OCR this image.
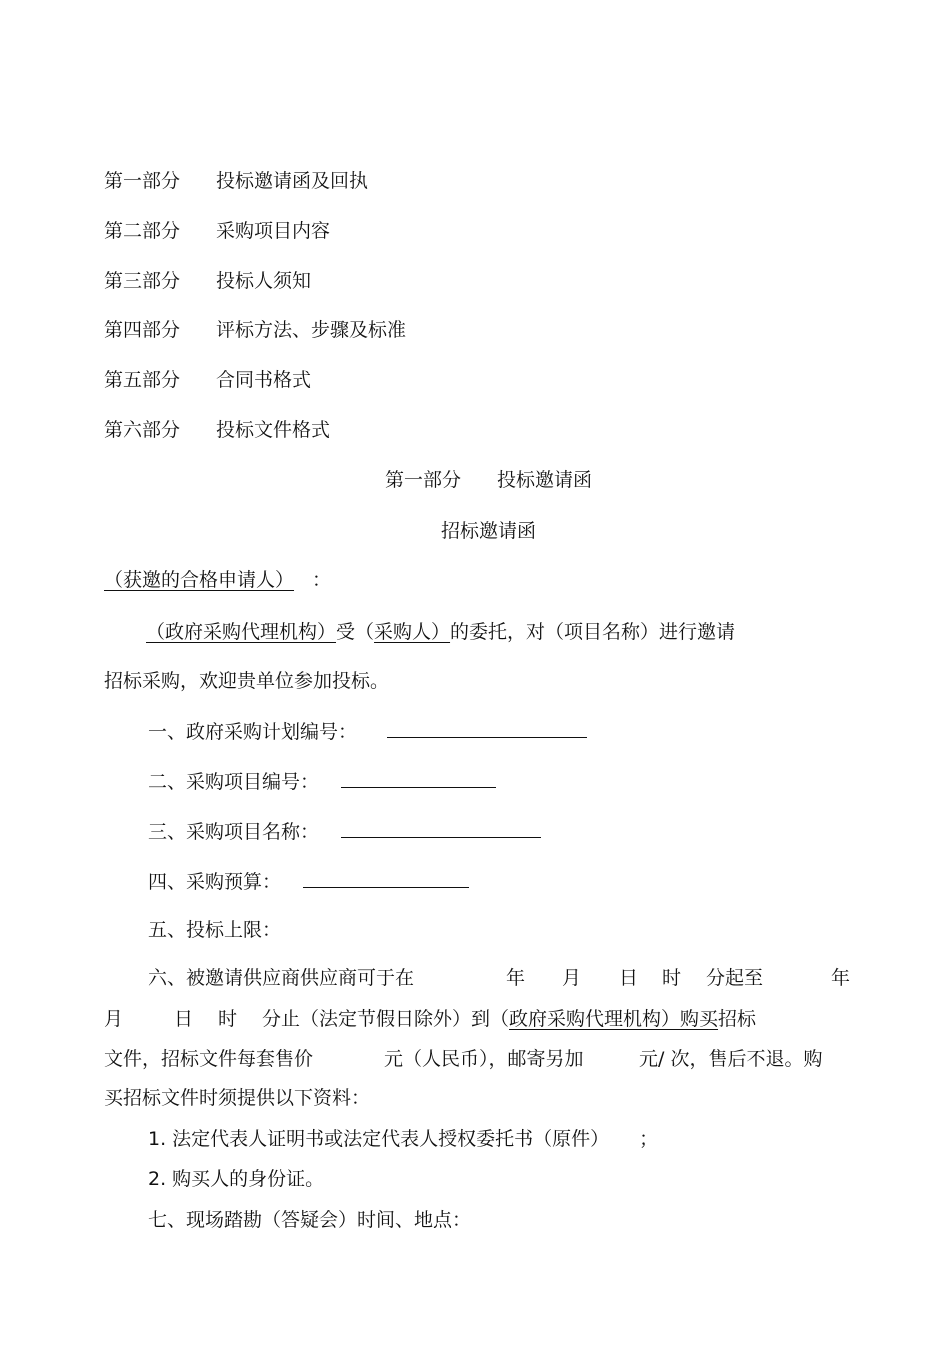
第一部分 投标邀请函及回执
第二部分 采购项目内容
第三部分 投标人须知
第四部分 评标方法、步骤及标准
第五部分 合同书格式
第六部分 投标文件格式
第一部分 投标邀请函
招标邀请函
（获邀的合格申请人） ：
（政府采购代理机构）受（采购人）的委托，对（项目名称）进行邀请
招标采购，欢迎贵单位参加投标。
一、政府采购计划编号：
二、采购项目编号：
三、采购项目名称：
四、采购预算：
五、投标上限：
六、被邀请供应商供应商可于在	年 月 日 时 分起至	年
月	日 时 分止（法定节假日除外）到（政府采购代理机构）购买招标
文件，招标文件每套售价	元（人民币），邮寄另加	元/ 次，售后不退。购
买招标文件时须提供以下资料：
1. 法定代表人证明书或法定代表人授权委托书（原件） ；
2. 购买人的身份证。
七、现场踏勘（答疑会）时间、地点：
